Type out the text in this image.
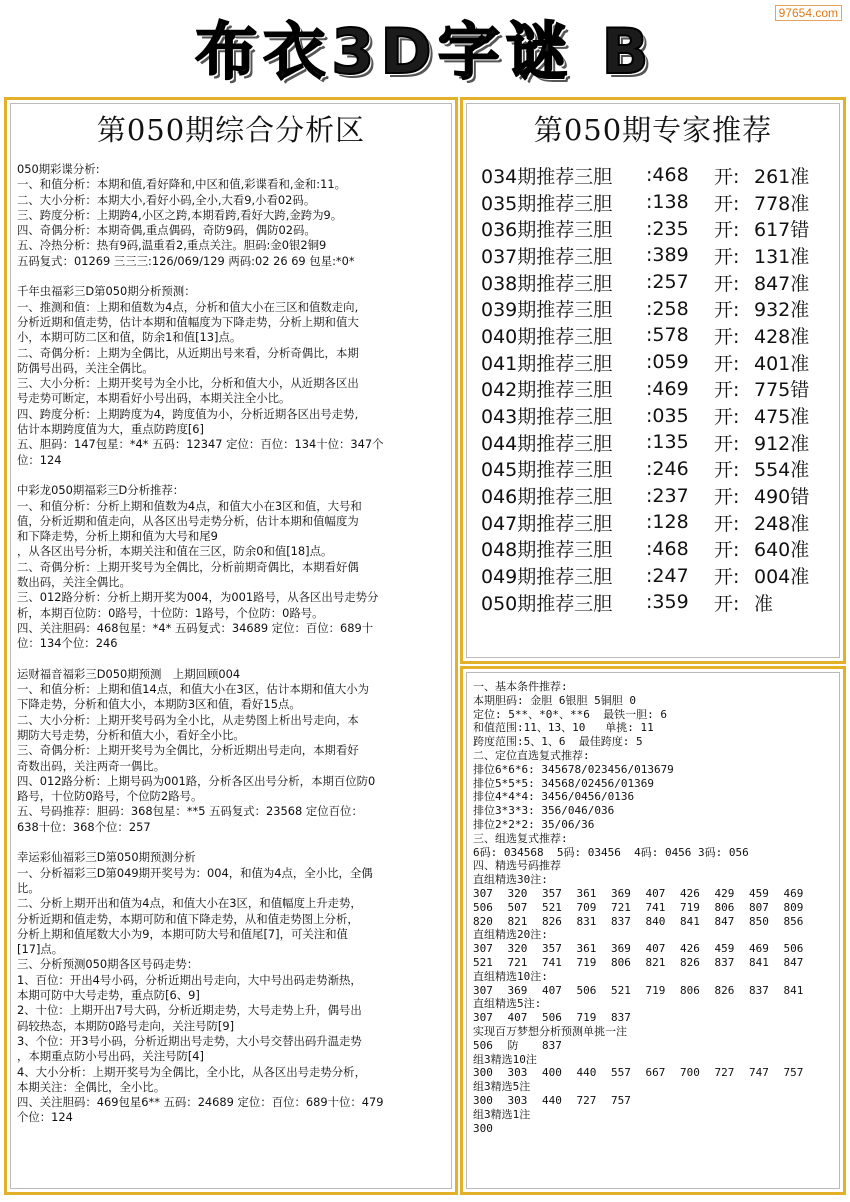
97654.com
布衣3D字谜 B
第050期综合分析区
050期彩谍分析:
一、和值分析：本期和值,看好降和,中区和值,彩谍看和,金和:11。
二、大小分析：本期大小,看好小码,全小,大看9,小看02码。
三、跨度分析：上期跨4,小区之跨,本期看跨,看好大跨,金跨为9。
四、奇偶分析：本期奇偶,重点偶码，奇防9码，偶防02码。
五、冷热分析：热有9码,温重看2,重点关注。胆码:金0银2铜9
五码复式：01269 三三三:126/069/129 两码:02 26 69 包星:*0*
千年虫福彩三D第050期分析预测：
一、推测和值：上期和值数为4点，分析和值大小在三区和值数走向,
分析近期和值走势，估计本期和值幅度为下降走势，分析上期和值大
小，本期可防二区和值，防余1和值[13]点。
二、奇偶分析：上期为全偶比，从近期出号来看，分析奇偶比，本期
防偶号出码，关注全偶比。
三、大小分析：上期开奖号为全小比，分析和值大小，从近期各区出
号走势可断定，本期看好小号出码，本期关注全小比。
四、跨度分析：上期跨度为4，跨度值为小，分析近期各区出号走势,
估计本期跨度值为大，重点防跨度[6]
五、胆码：147包星：*4* 五码：12347 定位：百位：134十位：347个
位：124
中彩龙050期福彩三D分析推荐：
一、和值分析：分析上期和值数为4点，和值大小在3区和值，大号和
值，分析近期和值走向，从各区出号走势分析，估计本期和值幅度为
和下降走势，分析上期和值为大号和尾9
，从各区出号分析，本期关注和值在三区，防余0和值[18]点。
二、奇偶分析：上期开奖号为全偶比，分析前期奇偶比，本期看好偶
数出码，关注全偶比。
三、012路分析：分析上期开奖为004，为001路号，从各区出号走势分
析，本期百位防：0路号，十位防：1路号，个位防：0路号。
四、关注胆码：468包星：*4* 五码复式：34689 定位：百位：689十
位：134个位：246
运财福音福彩三D050期预测　上期回顾004
一、和值分析：上期和值14点，和值大小在3区，估计本期和值大小为
下降走势，分析和值大小，本期防3区和值，看好15点。
二、大小分析：上期开奖号码为全小比，从走势图上析出号走向，本
期防大号走势，分析和值大小，看好全小比。
三、奇偶分析：上期开奖号为全偶比，分析近期出号走向，本期看好
奇数出码，关注两奇一偶比。
四、012路分析：上期号码为001路，分析各区出号分析，本期百位防0
路号，十位防0路号，个位防2路号。
五、号码推荐：胆码：368包星：**5 五码复式：23568 定位百位：
638十位：368个位：257
幸运彩仙福彩三D第050期预测分析
一、分析福彩三D第049期开奖号为：004，和值为4点，全小比，全偶
比。
二、分析上期开出和值为4点，和值大小在3区，和值幅度上升走势，
分析近期和值走势，本期可防和值下降走势，从和值走势图上分析，
分析上期和值尾数大小为9，本期可防大号和值尾[7]，可关注和值
[17]点。
三、分析预测050期各区号码走势：
1、百位：开出4号小码，分析近期出号走向，大中号出码走势渐热，
本期可防中大号走势，重点防[6、9]
2、十位：上期开出7号大码，分析近期走势，大号走势上升，偶号出
码较热态，本期防0路号走向，关注号防[9]
3、个位：开3号小码，分析近期出号走势，大小号交替出码升温走势
，本期重点防小号出码，关注号防[4]
4、大小分析：上期开奖号为全偶比，全小比，从各区出号走势分析，
本期关注：全偶比，全小比。
四、关注胆码：469包星6** 五码：24689 定位：百位：689十位：479
个位：124
第050期专家推荐
034期推荐三胆	:468	开: 261准
035期推荐三胆	:138	开: 778准
036期推荐三胆	:235	开: 617错
037期推荐三胆	:389	开: 131准
038期推荐三胆	:257	开: 847准
039期推荐三胆	:258	开: 932准
040期推荐三胆	:578	开: 428准
041期推荐三胆	:059	开: 401准
042期推荐三胆	:469	开: 775错
043期推荐三胆	:035	开: 475准
044期推荐三胆	:135	开: 912准
045期推荐三胆	:246	开: 554准
046期推荐三胆	:237	开: 490错
047期推荐三胆	:128	开: 248准
048期推荐三胆	:468	开: 640准
049期推荐三胆	:247	开: 004准
050期推荐三胆	:359	开: 准
一、基本条件推荐:
本期胆码: 金胆 6银胆 5铜胆 0
定位: 5**、*0*、**6  最铁一胆: 6
和值范围:11、13、10   单挑: 11
跨度范围:5、1、6  最佳跨度: 5
二、定位直选复式推荐:
排位6*6*6: 345678/023456/013679
排位5*5*5: 34568/02456/01369
排位4*4*4: 3456/0456/0136
排位3*3*3: 356/046/036
排位2*2*2: 35/06/36
三、组选复式推荐:
6码: 034568  5码: 03456  4码: 0456 3码: 056
四、精选号码推荐
直组精选30注:
307	320	357	361	369	407	426	429	459	469
506	507	521	709	721	741	719	806	807	809
820	821	826	831	837	840	841	847	850	856
直组精选20注:
307	320	357	361	369	407	426	459	469	506
521	721	741	719	806	821	826	837	841	847
直组精选10注:
307	369	407	506	521	719	806	826	837	841
直组精选5注:
307	407	506	719	837
实现百万梦想分析预测单挑一注
506	防	837
组3精选10注
300	303	400	440	557	667	700	727	747	757
组3精选5注
300	303	440	727	757
组3精选1注
300
